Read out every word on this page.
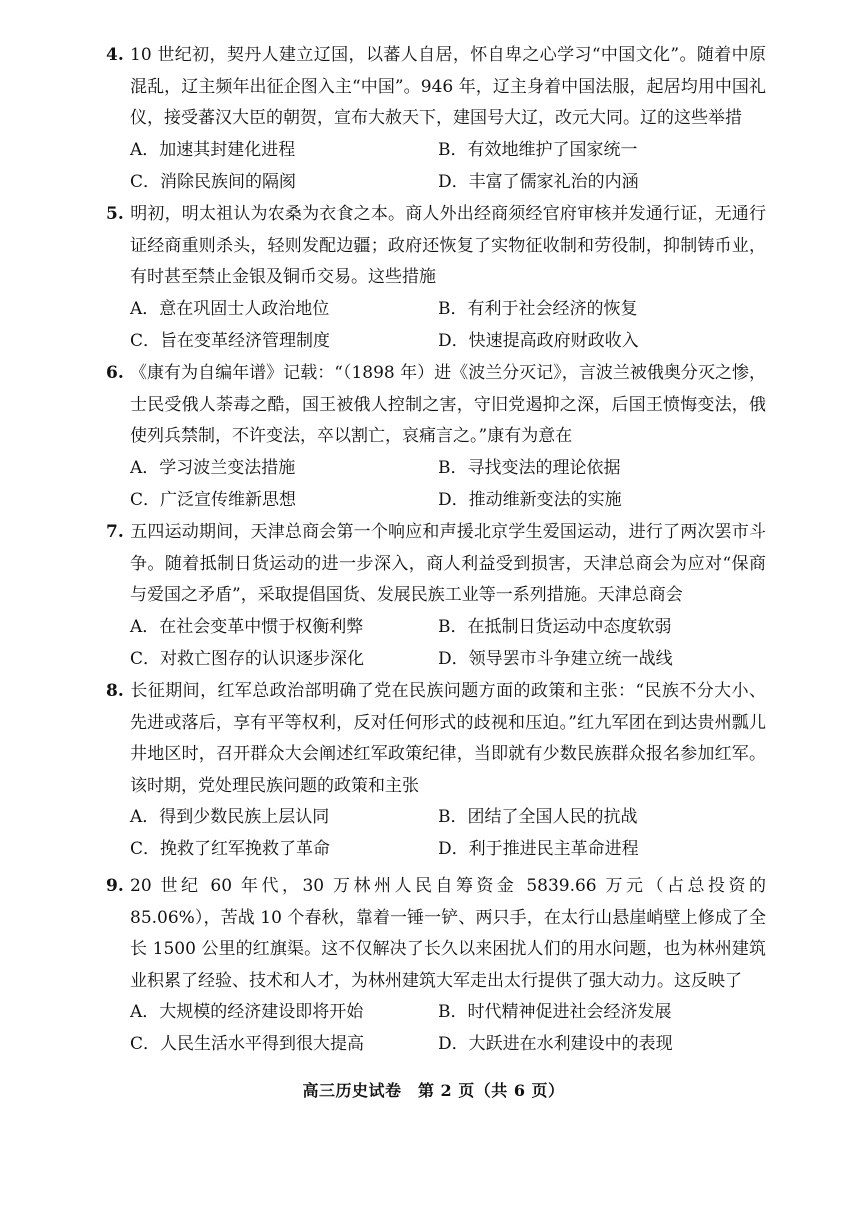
4. 10 世纪初，契丹人建立辽国，以蕃人自居，怀自卑之心学习“中国文化”。随着中原混乱，辽主频年出征企图入主“中国”。946 年，辽主身着中国法服，起居均用中国礼仪，接受蕃汉大臣的朝贺，宣布大赦天下，建国号大辽，改元大同。辽的这些举措
A．加速其封建化进程	B．有效地维护了国家统一
C．消除民族间的隔阂	D．丰富了儒家礼治的内涵
5. 明初，明太祖认为农桑为衣食之本。商人外出经商须经官府审核并发通行证，无通行证经商重则杀头，轻则发配边疆；政府还恢复了实物征收制和劳役制，抑制铸币业，有时甚至禁止金银及铜币交易。这些措施
A．意在巩固士人政治地位	B．有利于社会经济的恢复
C．旨在变革经济管理制度	D．快速提高政府财政收入
6. 《康有为自编年谱》记载：“（1898 年）进《波兰分灭记》，言波兰被俄奥分灭之惨，士民受俄人荼毒之酷，国王被俄人控制之害，守旧党遏抑之深，后国王愤悔变法，俄使列兵禁制，不许变法，卒以割亡，哀痛言之。”康有为意在
A．学习波兰变法措施	B．寻找变法的理论依据
C．广泛宣传维新思想	D．推动维新变法的实施
7. 五四运动期间，天津总商会第一个响应和声援北京学生爱国运动，进行了两次罢市斗争。随着抵制日货运动的进一步深入，商人利益受到损害，天津总商会为应对“保商与爱国之矛盾”，采取提倡国货、发展民族工业等一系列措施。天津总商会
A．在社会变革中惯于权衡利弊	B．在抵制日货运动中态度软弱
C．对救亡图存的认识逐步深化	D．领导罢市斗争建立统一战线
8. 长征期间，红军总政治部明确了党在民族问题方面的政策和主张：“民族不分大小、先进或落后，享有平等权利，反对任何形式的歧视和压迫。”红九军团在到达贵州瓢儿井地区时，召开群众大会阐述红军政策纪律，当即就有少数民族群众报名参加红军。该时期，党处理民族问题的政策和主张
A．得到少数民族上层认同	B．团结了全国人民的抗战
C．挽救了红军挽救了革命	D．利于推进民主革命进程
9. 20 世纪 60 年代，30 万林州人民自筹资金 5839.66 万元（占总投资的 85.06%），苦战 10 个春秋，靠着一锤一铲、两只手，在太行山悬崖峭壁上修成了全长 1500 公里的红旗渠。这不仅解决了长久以来困扰人们的用水问题，也为林州建筑业积累了经验、技术和人才，为林州建筑大军走出太行提供了强大动力。这反映了
A．大规模的经济建设即将开始	B．时代精神促进社会经济发展
C．人民生活水平得到很大提高	D．大跃进在水利建设中的表现
高三历史试卷　第 2 页（共 6 页）
